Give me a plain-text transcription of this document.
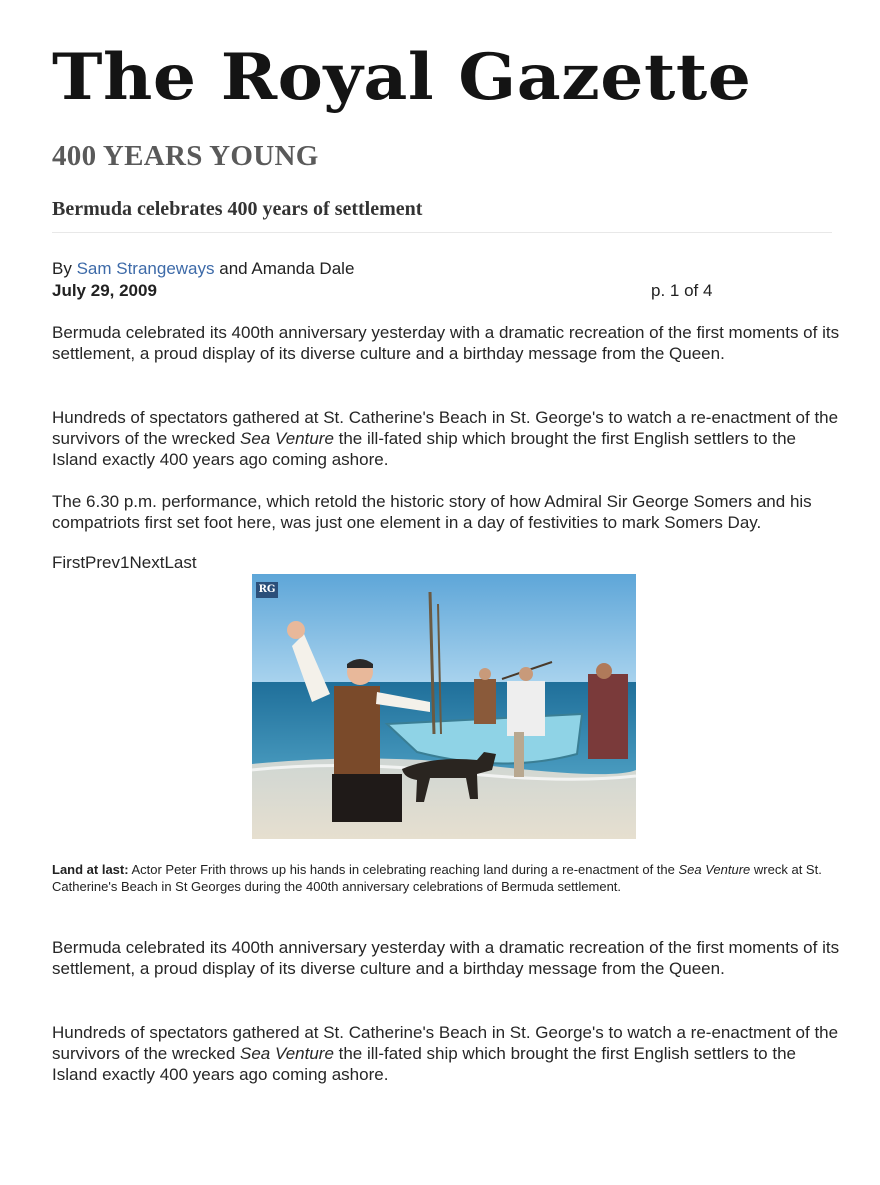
The Royal Gazette
400 YEARS YOUNG
Bermuda celebrates 400 years of settlement
By Sam Strangeways and Amanda Dale
July 29, 2009	p. 1 of 4

Bermuda celebrated its 400th anniversary yesterday with a dramatic recreation of the first moments of its settlement, a proud display of its diverse culture and a birthday message from the Queen.

Hundreds of spectators gathered at St. Catherine's Beach in St. George's to watch a re-enactment of the survivors of the wrecked Sea Venture the ill-fated ship which brought the first English settlers to the Island exactly 400 years ago coming ashore.

The 6.30 p.m. performance, which retold the historic story of how Admiral Sir George Somers and his compatriots first set foot here, was just one element in a day of festivities to mark Somers Day.

FirstPrev1NextLast
RG

Land at last: Actor Peter Frith throws up his hands in celebrating reaching land during a re-enactment of the Sea Venture wreck at St. Catherine's Beach in St Georges during the 400th anniversary celebrations of Bermuda settlement.

Bermuda celebrated its 400th anniversary yesterday with a dramatic recreation of the first moments of its settlement, a proud display of its diverse culture and a birthday message from the Queen.

Hundreds of spectators gathered at St. Catherine's Beach in St. George's to watch a re-enactment of the survivors of the wrecked Sea Venture the ill-fated ship which brought the first English settlers to the Island exactly 400 years ago coming ashore.
